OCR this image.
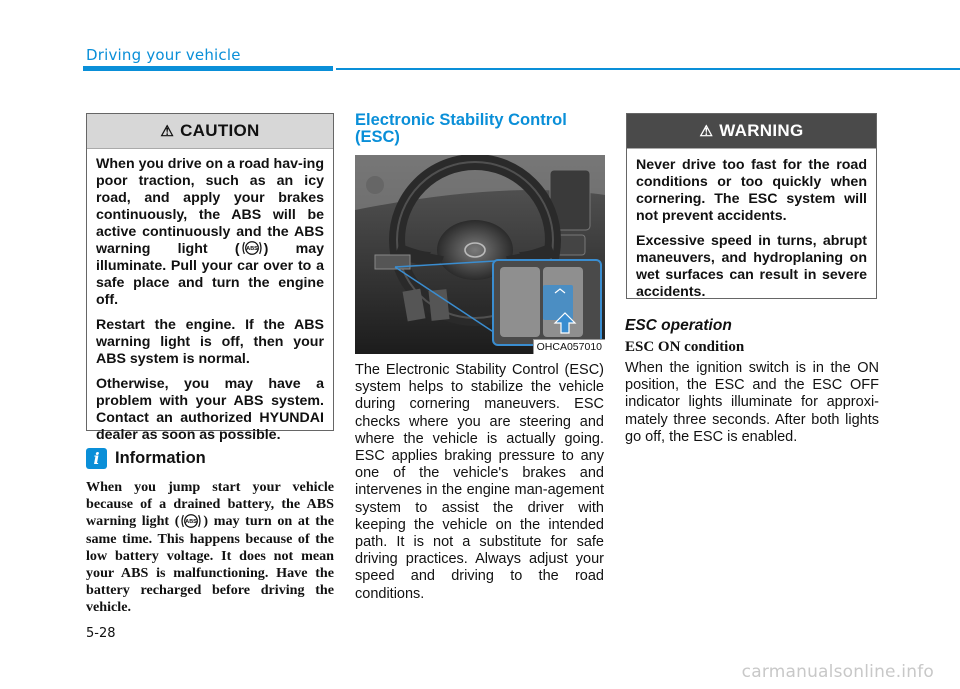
Driving your vehicle
⚠ CAUTION

When you drive on a road hav-ing poor traction, such as an icy road, and apply your brakes continuously, the ABS will be active continuously and the ABS warning light ( ABS ) may illuminate. Pull your car over to a safe place and turn the engine off.

Restart the engine. If the ABS warning light is off, then your ABS system is normal.

Otherwise, you may have a problem with your ABS system. Contact an authorized HYUNDAI dealer as soon as possible.

i Information
When you jump start your vehicle because of a drained battery, the ABS warning light ( ABS ) may turn on at the same time. This happens because of the low battery voltage. It does not mean your ABS is malfunctioning. Have the battery recharged before driving the vehicle.
Electronic Stability Control (ESC)
OHCA057010
The Electronic Stability Control (ESC) system helps to stabilize the vehicle during cornering maneuvers. ESC checks where you are steering and where the vehicle is actually going. ESC applies braking pressure to any one of the vehicle's brakes and intervenes in the engine man-agement system to assist the driver with keeping the vehicle on the intended path. It is not a substitute for safe driving practices. Always adjust your speed and driving to the road conditions.
⚠ WARNING

Never drive too fast for the road conditions or too quickly when cornering. The ESC system will not prevent accidents.

Excessive speed in turns, abrupt maneuvers, and hydroplaning on wet surfaces can result in severe accidents.

ESC operation
ESC ON condition
When the ignition switch is in the ON position, the ESC and the ESC OFF indicator lights illuminate for approxi-mately three seconds. After both lights go off, the ESC is enabled.
5-28
carmanualsonline.info
